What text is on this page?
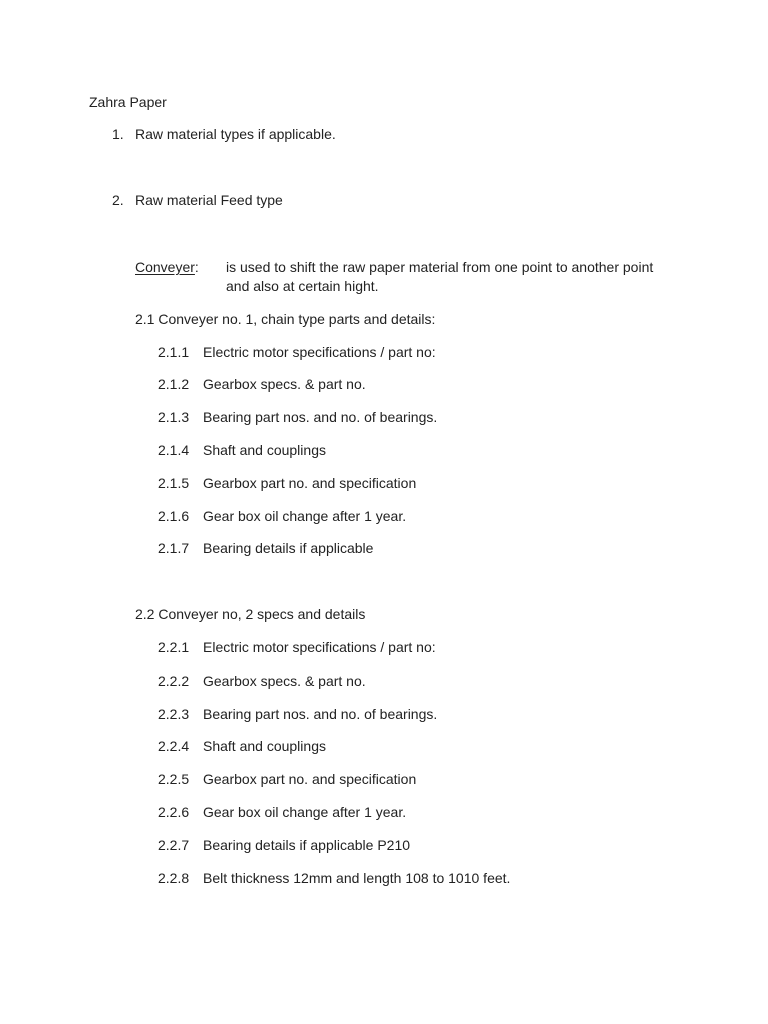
Zahra Paper
1. Raw material types if applicable.
2. Raw material Feed type
Conveyer: is used to shift the raw paper material from one point to another point
and also at certain hight.
2.1 Conveyer no. 1, chain type parts and details:
2.1.1 Electric motor specifications / part no:
2.1.2 Gearbox specs. & part no.
2.1.3 Bearing part nos. and no. of bearings.
2.1.4 Shaft and couplings
2.1.5 Gearbox part no. and specification
2.1.6 Gear box oil change after 1 year.
2.1.7 Bearing details if applicable
2.2 Conveyer no, 2 specs and details
2.2.1 Electric motor specifications / part no:
2.2.2 Gearbox specs. & part no.
2.2.3 Bearing part nos. and no. of bearings.
2.2.4 Shaft and couplings
2.2.5 Gearbox part no. and specification
2.2.6 Gear box oil change after 1 year.
2.2.7 Bearing details if applicable P210
2.2.8 Belt thickness 12mm and length 108 to 1010 feet.
